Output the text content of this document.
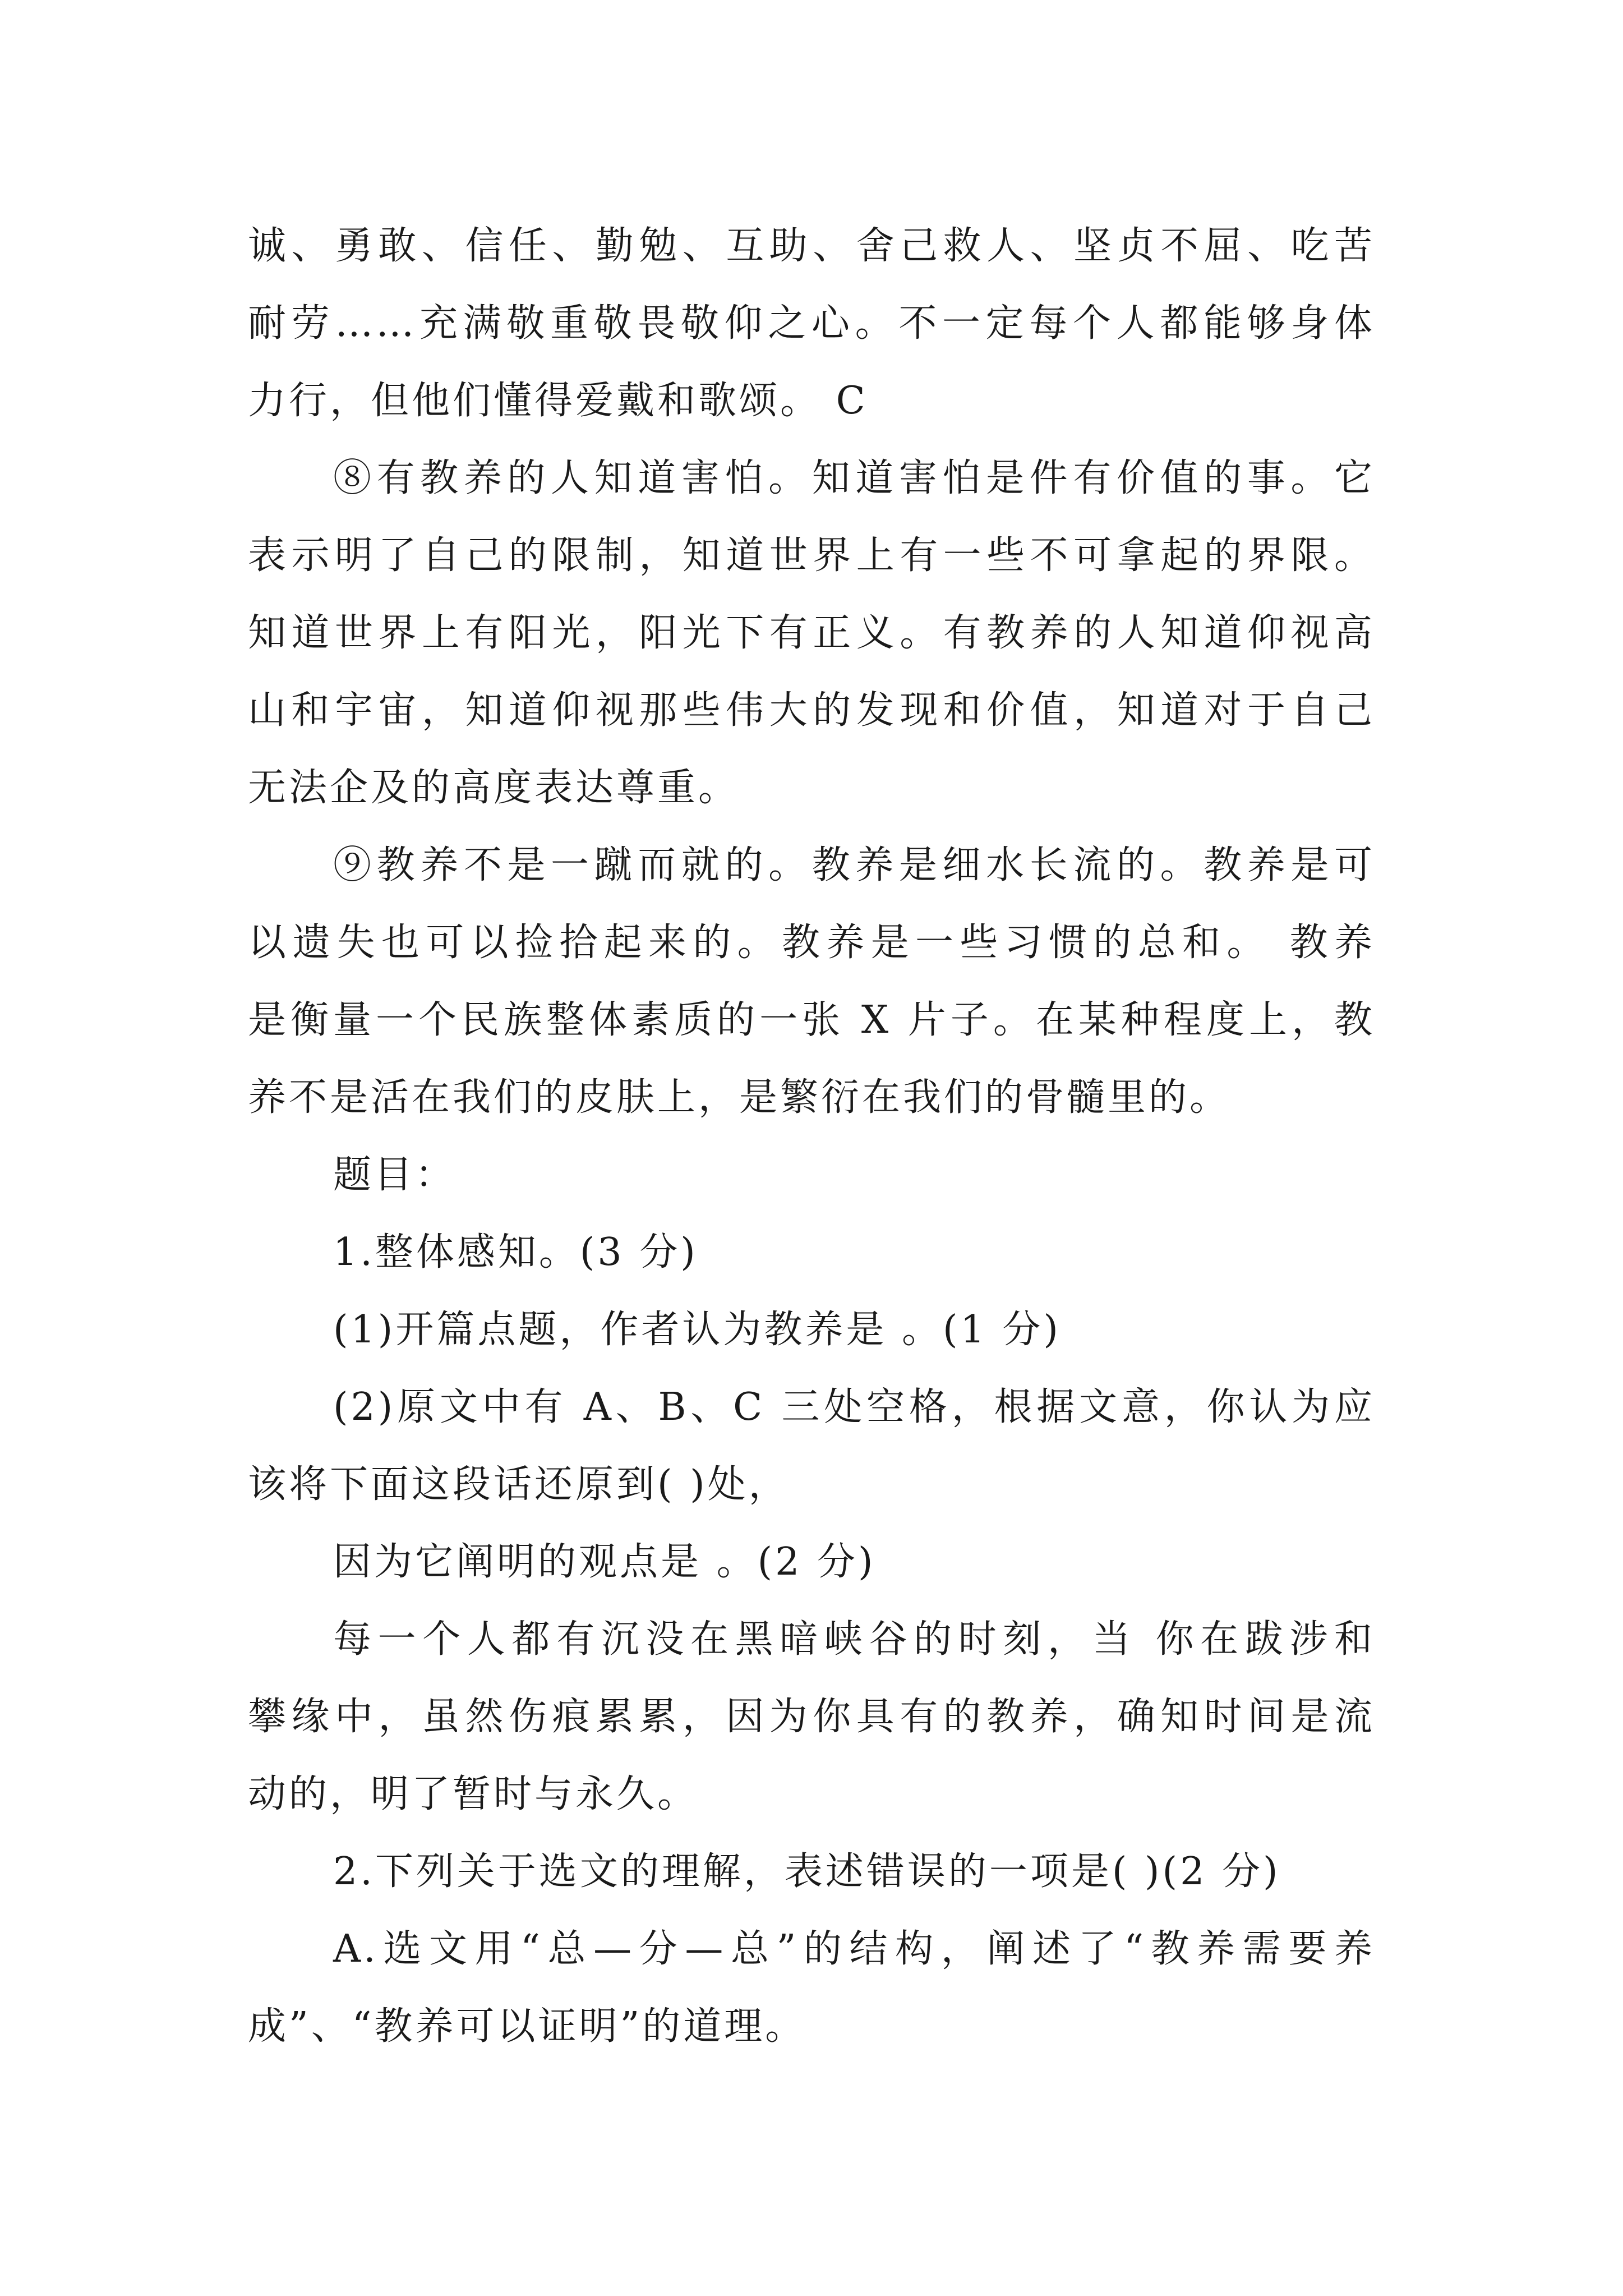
诚、勇敢、信任、勤勉、互助、舍己救人、坚贞不屈、吃苦
耐劳……充满敬重敬畏敬仰之心。不一定每个人都能够身体
力行，但他们懂得爱戴和歌颂。 C
⑧有教养的人知道害怕。知道害怕是件有价值的事。它
表示明了自己的限制，知道世界上有一些不可拿起的界限。
知道世界上有阳光，阳光下有正义。有教养的人知道仰视高
山和宇宙，知道仰视那些伟大的发现和价值，知道对于自己
无法企及的高度表达尊重。
⑨教养不是一蹴而就的。教养是细水长流的。教养是可
以遗失也可以捡拾起来的。教养是一些习惯的总和。 教养
是衡量一个民族整体素质的一张 X 片子。在某种程度上，教
养不是活在我们的皮肤上，是繁衍在我们的骨髓里的。
题目：
1.整体感知。(3 分)
(1)开篇点题，作者认为教养是 。(1 分)
(2)原文中有 A、B、C 三处空格，根据文意，你认为应
该将下面这段话还原到( )处，
因为它阐明的观点是 。(2 分)
每一个人都有沉没在黑暗峡谷的时刻，当 你在跋涉和
攀缘中，虽然伤痕累累，因为你具有的教养，确知时间是流
动的，明了暂时与永久。
2.下列关于选文的理解，表述错误的一项是( )(2 分)
A.选文用“总—分—总”的结构，阐述了“教养需要养
成”、“教养可以证明”的道理。
